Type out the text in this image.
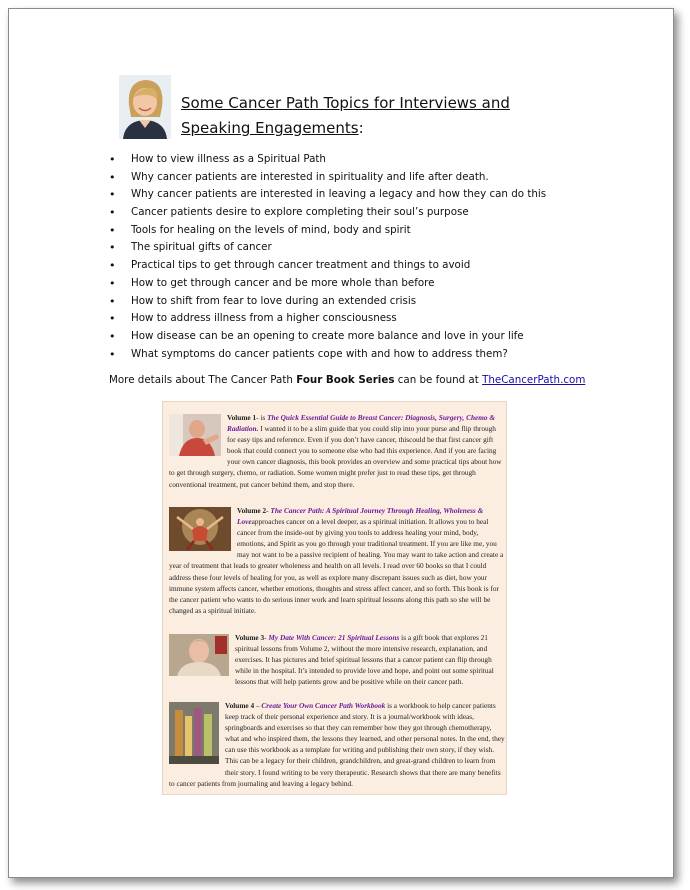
Some Cancer Path Topics for Interviews and
Speaking Engagements:
• How to view illness as a Spiritual Path
• Why cancer patients are interested in spirituality and life after death.
• Why cancer patients are interested in leaving a legacy and how they can do this
• Cancer patients desire to explore completing their soul’s purpose
• Tools for healing on the levels of mind, body and spirit
• The spiritual gifts of cancer
• Practical tips to get through cancer treatment and things to avoid
• How to get through cancer and be more whole than before
• How to shift from fear to love during an extended crisis
• How to address illness from a higher consciousness
• How disease can be an opening to create more balance and love in your life
• What symptoms do cancer patients cope with and how to address them?
More details about The Cancer Path Four Book Series can be found at TheCancerPath.com
Volume 1- is The Quick Essential Guide to Breast Cancer: Diagnosis, Surgery, Chemo & Radiation. I wanted it to be a slim guide that you could slip into your purse and flip through for easy tips and reference. Even if you don’t have cancer, thiscould be that first cancer gift book that could connect you to someone else who had this experience. And if you are facing your own cancer diagnosis, this book provides an overview and some practical tips about how to get through surgery, chemo, or radiation. Some women might prefer just to read these tips, get through conventional treatment, put cancer behind them, and stop there.
Volume 2- The Cancer Path: A Spiritual Journey Through Healing, Wholeness & Loveapproaches cancer on a level deeper, as a spiritual initiation. It allows you to heal cancer from the inside-out by giving you tools to address healing your mind, body, emotions, and Spirit as you go through your traditional treatment. If you are like me, you may not want to be a passive recipient of healing. You may want to take action and create a year of treatment that leads to greater wholeness and health on all levels. I read over 60 books so that I could address these four levels of healing for you, as well as explore many discrepant issues such as diet, how your immune system affects cancer, whether emotions, thoughts and stress affect cancer, and so forth. This book is for the cancer patient who wants to do serious inner work and learn spiritual lessons along this path so she will be changed as a spiritual initiate.
Volume 3- My Date With Cancer: 21 Spiritual Lessons is a gift book that explores 21 spiritual lessons from Volume 2, without the more intensive research, explanation, and exercises. It has pictures and brief spiritual lessons that a cancer patient can flip through while in the hospital. It’s intended to provide love and hope, and point out some spiritual lessons that will help patients grow and be positive while on their cancer path.
Volume 4 – Create Your Own Cancer Path Workbook is a workbook to help cancer patients keep track of their personal experience and story. It is a journal/workbook with ideas, springboards and exercises so that they can remember how they got through chemotherapy, what and who inspired them, the lessons they learned, and other personal notes. In the end, they can use this workbook as a template for writing and publishing their own story, if they wish. This can be a legacy for their children, grandchildren, and great-grand children to learn from their story. I found writing to be very therapeutic. Research shows that there are many benefits to cancer patients from journaling and leaving a legacy behind.
